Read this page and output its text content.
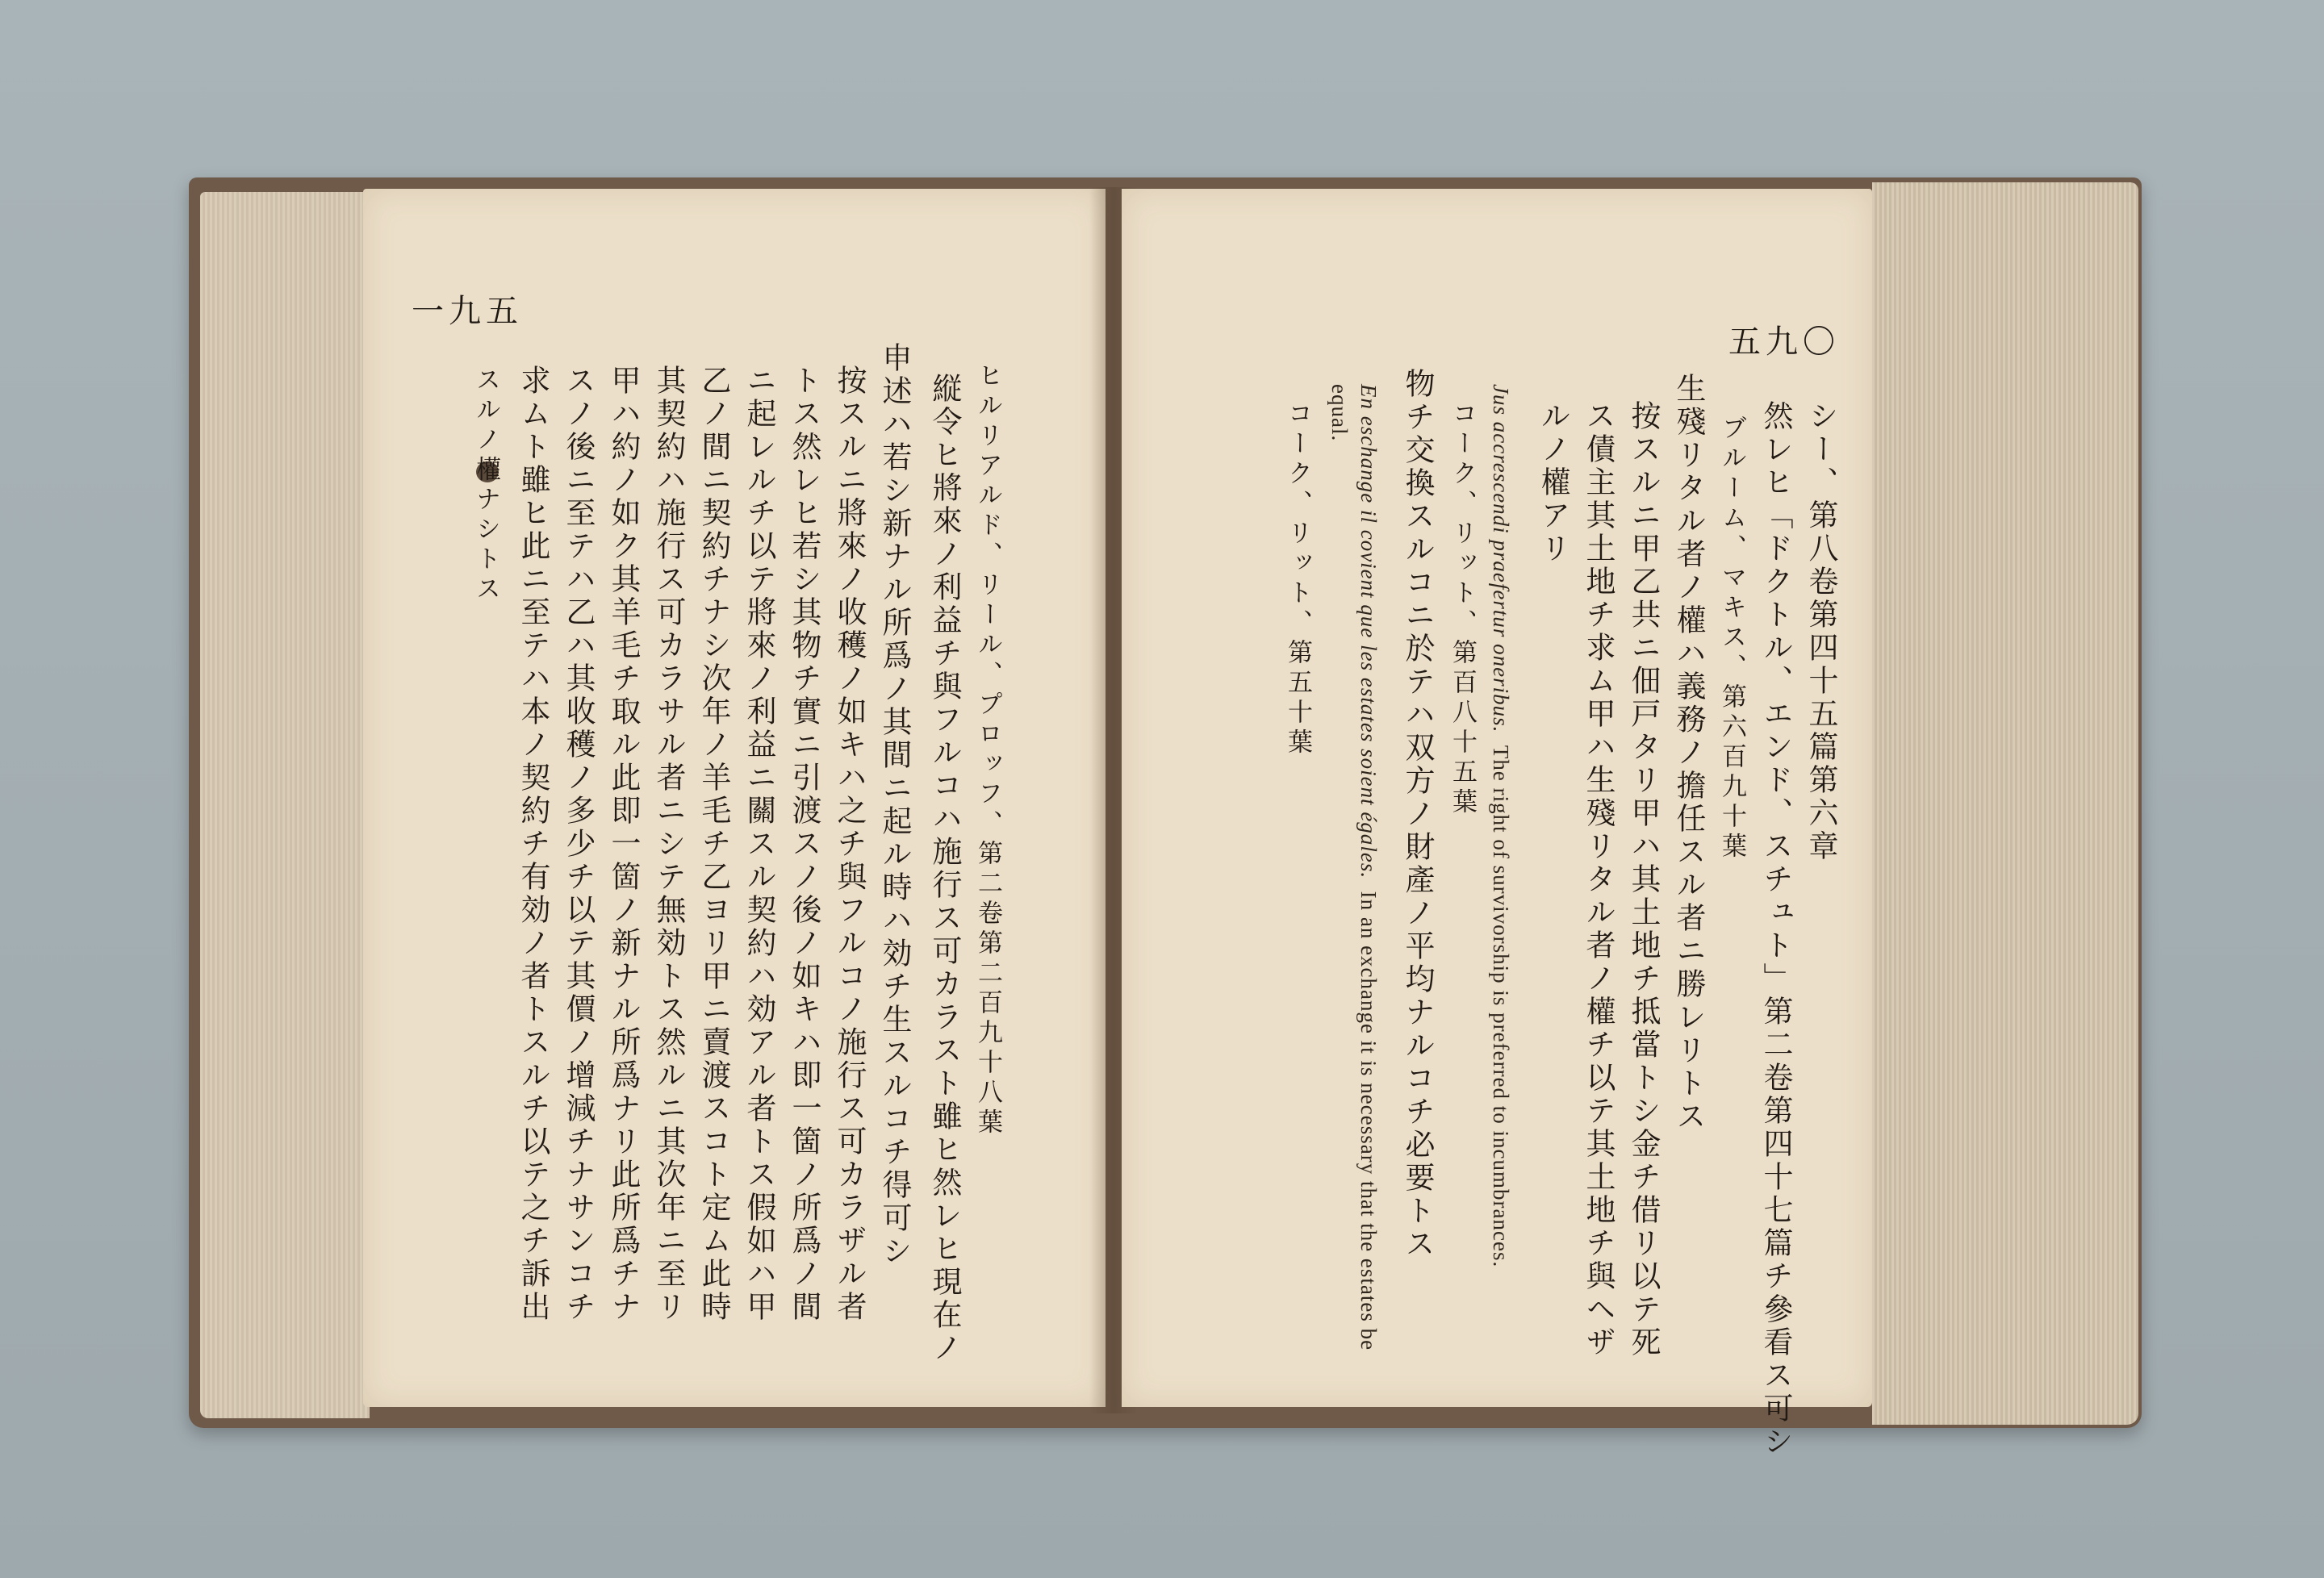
一九五
ヒルリアルド、リール、プロッフ、第二卷第二百九十八葉
縦令ヒ將來ノ利益チ與フルコハ施行ス可カラスト雖ヒ然レヒ現在ノ
申述ハ若シ新ナル所爲ノ其間ニ起ル時ハ効チ生スルコチ得可シ
按スルニ將來ノ收穫ノ如キハ之チ與フルコノ施行ス可カラザル者
トス然レヒ若シ其物チ實ニ引渡スノ後ノ如キハ即一箇ノ所爲ノ間
ニ起レルチ以テ將來ノ利益ニ關スル契約ハ効アル者トス假如ハ甲
乙ノ間ニ契約チナシ次年ノ羊毛チ乙ヨリ甲ニ賣渡スコト定ム此時
其契約ハ施行ス可カラサル者ニシテ無効トス然ルニ其次年ニ至リ
甲ハ約ノ如ク其羊毛チ取ル此即一箇ノ新ナル所爲ナリ此所爲チナ
スノ後ニ至テハ乙ハ其收穫ノ多少チ以テ其價ノ增減チナサンコチ
求ムト雖ヒ此ニ至テハ本ノ契約チ有効ノ者トスルチ以テ之チ訴出
スルノ權ナシトス
五九〇
シー、第八卷第四十五篇第六章
然レヒ「ドクトル、エンド、スチュト」第二卷第四十七篇チ參看ス可シ
ブルーム、マキス、第六百九十葉
生殘リタル者ノ權ハ義務ノ擔任スル者ニ勝レリトス
按スルニ甲乙共ニ佃戸タリ甲ハ其土地チ抵當トシ金チ借リ以テ死
ス債主其土地チ求ム甲ハ生殘リタル者ノ權チ以テ其土地チ與ヘザ
ルノ權アリ
Jus accrescendi praefertur oneribus.  The right of survivorship is preferred to incumbrances.
コーク、リット、第百八十五葉
物チ交換スルコニ於テハ双方ノ財產ノ平均ナルコチ必要トス
En eschange il covient que les estates soient égales.  In an exchange it is necessary that the estates be
equal.
コーク、リット、第五十葉
